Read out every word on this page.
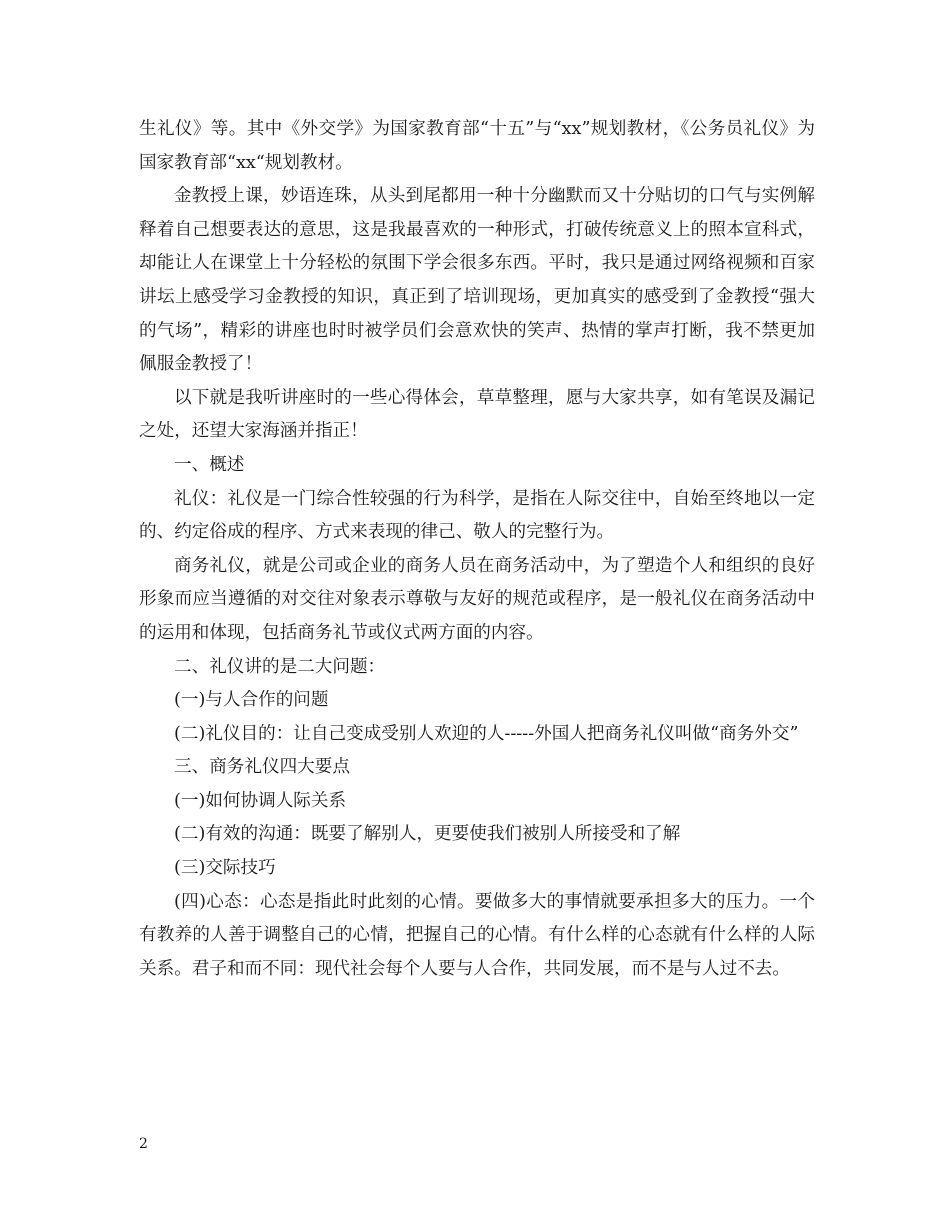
生礼仪》等。其中《外交学》为国家教育部“十五”与“xx”规划教材，《公务员礼仪》为国家教育部“xx“规划教材。

金教授上课，妙语连珠，从头到尾都用一种十分幽默而又十分贴切的口气与实例解释着自己想要表达的意思，这是我最喜欢的一种形式，打破传统意义上的照本宣科式，却能让人在课堂上十分轻松的氛围下学会很多东西。平时，我只是通过网络视频和百家讲坛上感受学习金教授的知识，真正到了培训现场，更加真实的感受到了金教授“强大的气场”，精彩的讲座也时时被学员们会意欢快的笑声、热情的掌声打断，我不禁更加佩服金教授了！

以下就是我听讲座时的一些心得体会，草草整理，愿与大家共享，如有笔误及漏记之处，还望大家海涵并指正！

一、概述

礼仪：礼仪是一门综合性较强的行为科学，是指在人际交往中，自始至终地以一定的、约定俗成的程序、方式来表现的律己、敬人的完整行为。

商务礼仪，就是公司或企业的商务人员在商务活动中，为了塑造个人和组织的良好形象而应当遵循的对交往对象表示尊敬与友好的规范或程序，是一般礼仪在商务活动中的运用和体现，包括商务礼节或仪式两方面的内容。

二、礼仪讲的是二大问题：

(一)与人合作的问题

(二)礼仪目的：让自己变成受别人欢迎的人-----外国人把商务礼仪叫做“商务外交”

三、商务礼仪四大要点

(一)如何协调人际关系

(二)有效的沟通：既要了解别人，更要使我们被别人所接受和了解

(三)交际技巧

(四)心态：心态是指此时此刻的心情。要做多大的事情就要承担多大的压力。一个有教养的人善于调整自己的心情，把握自己的心情。有什么样的心态就有什么样的人际关系。君子和而不同：现代社会每个人要与人合作，共同发展，而不是与人过不去。

2
